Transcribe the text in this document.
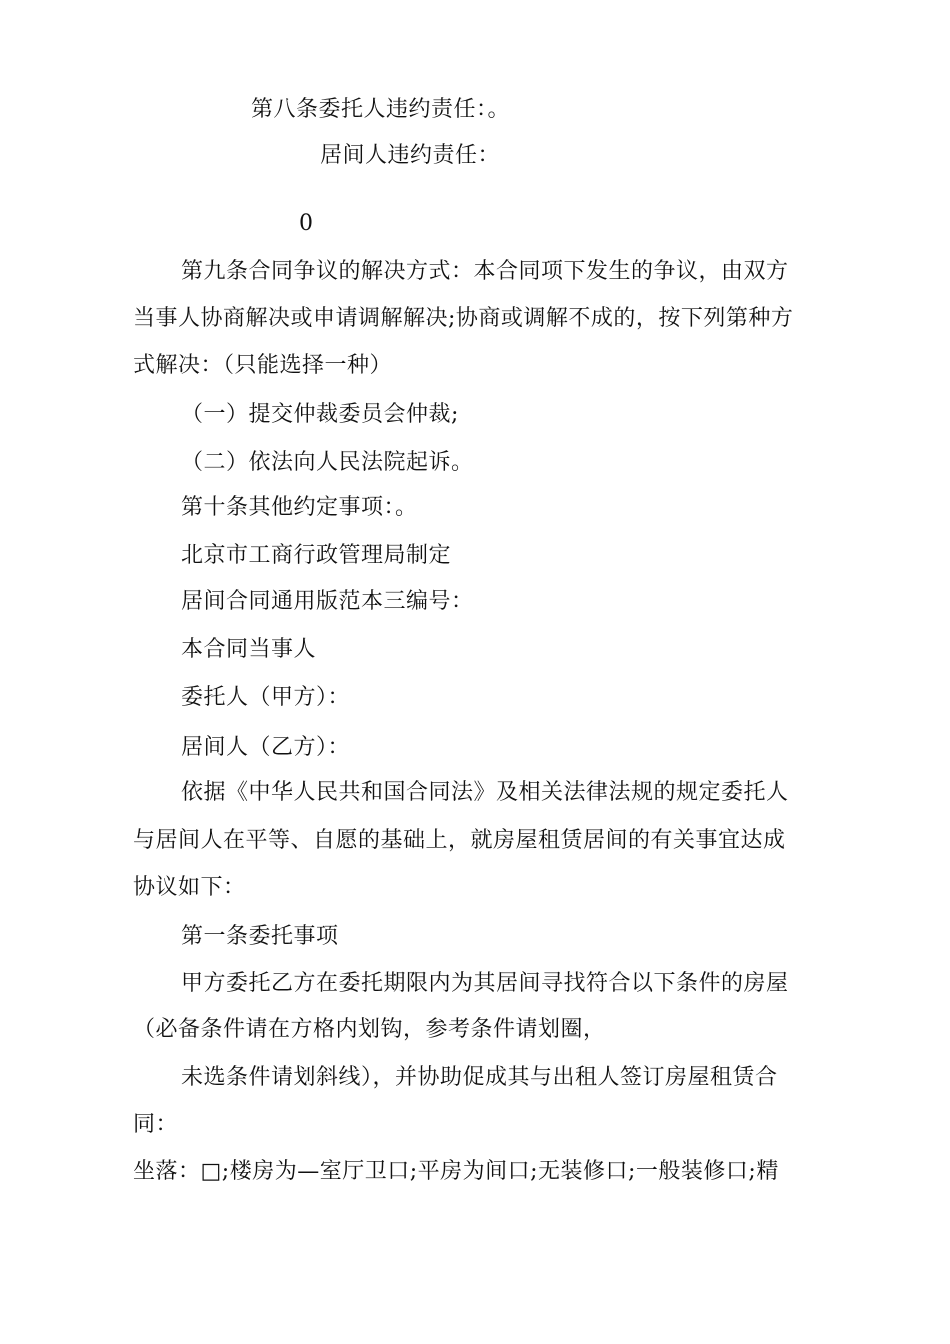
第八条委托人违约责任：。

居间人违约责任：

0

第九条合同争议的解决方式：本合同项下发生的争议，由双方

当事人协商解决或申请调解解决;协商或调解不成的，按下列第种方

式解决：（只能选择一种）

（一）提交仲裁委员会仲裁;

（二）依法向人民法院起诉。

第十条其他约定事项：。

北京市工商行政管理局制定

居间合同通用版范本三编号：

本合同当事人

委托人（甲方）：

居间人（乙方）：

依据《中华人民共和国合同法》及相关法律法规的规定委托人

与居间人在平等、自愿的基础上，就房屋租赁居间的有关事宜达成

协议如下：

第一条委托事项

甲方委托乙方在委托期限内为其居间寻找符合以下条件的房屋

（必备条件请在方格内划钩，参考条件请划圈，

未选条件请划斜线），并协助促成其与出租人签订房屋租赁合

同：

坐落：□;楼房为—室厅卫口;平房为间口;无装修口;一般装修口;精
